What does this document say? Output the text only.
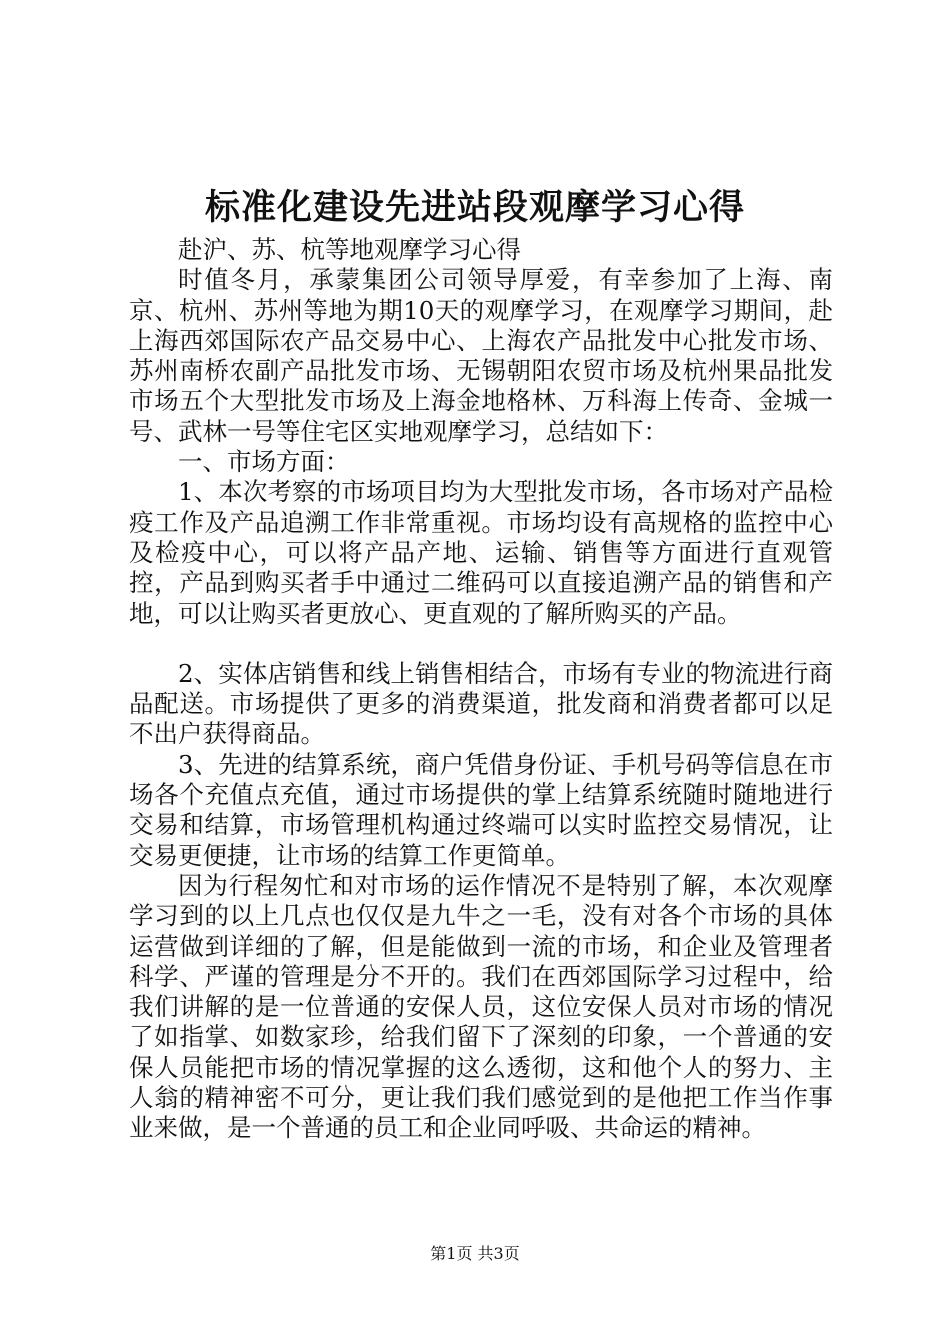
标准化建设先进站段观摩学习心得

赴沪、苏、杭等地观摩学习心得

时值冬月，承蒙集团公司领导厚爱，有幸参加了上海、南京、杭州、苏州等地为期10天的观摩学习，在观摩学习期间，赴上海西郊国际农产品交易中心、上海农产品批发中心批发市场、苏州南桥农副产品批发市场、无锡朝阳农贸市场及杭州果品批发市场五个大型批发市场及上海金地格林、万科海上传奇、金城一号、武林一号等住宅区实地观摩学习，总结如下：

一、市场方面：

1、本次考察的市场项目均为大型批发市场，各市场对产品检疫工作及产品追溯工作非常重视。市场均设有高规格的监控中心及检疫中心，可以将产品产地、运输、销售等方面进行直观管控，产品到购买者手中通过二维码可以直接追溯产品的销售和产地，可以让购买者更放心、更直观的了解所购买的产品。

2、实体店销售和线上销售相结合，市场有专业的物流进行商品配送。市场提供了更多的消费渠道，批发商和消费者都可以足不出户获得商品。

3、先进的结算系统，商户凭借身份证、手机号码等信息在市场各个充值点充值，通过市场提供的掌上结算系统随时随地进行交易和结算，市场管理机构通过终端可以实时监控交易情况，让交易更便捷，让市场的结算工作更简单。

因为行程匆忙和对市场的运作情况不是特别了解，本次观摩学习到的以上几点也仅仅是九牛之一毛，没有对各个市场的具体运营做到详细的了解，但是能做到一流的市场，和企业及管理者科学、严谨的管理是分不开的。我们在西郊国际学习过程中，给我们讲解的是一位普通的安保人员，这位安保人员对市场的情况了如指掌、如数家珍，给我们留下了深刻的印象，一个普通的安保人员能把市场的情况掌握的这么透彻，这和他个人的努力、主人翁的精神密不可分，更让我们我们感觉到的是他把工作当作事业来做，是一个普通的员工和企业同呼吸、共命运的精神。

第1页 共3页
